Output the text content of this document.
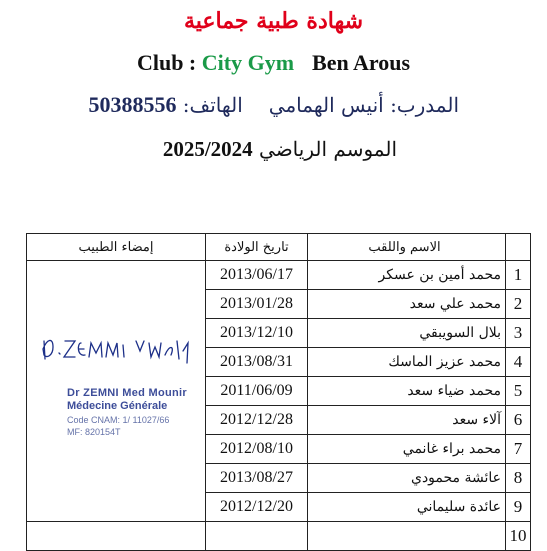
شهادة طبية جماعية
Club : City Gym Ben Arous
المدرب: أنيس الهماميالهاتف: 50388556
الموسم الرياضي 2025/2024
إمضاء الطبيب	تاريخ الولادة	الاسم واللقب	

Dr ZEMNI Med Mounir
Médecine Générale
Code CNAM: 1/ 11027/66
MF: 820154T	2013/06/17	محمد أمين بن عسكر	1
	2013/01/28	محمد علي سعد	2
	2013/12/10	بلال السويبقي	3
	2013/08/31	محمد عزيز الماسك	4
	2011/06/09	محمد ضياء سعد	5
	2012/12/28	آلاء سعد	6
	2012/08/10	محمد براء غانمي	7
	2013/08/27	عائشة محمودي	8
	2012/12/20	عائدة سليماني	9
			10
